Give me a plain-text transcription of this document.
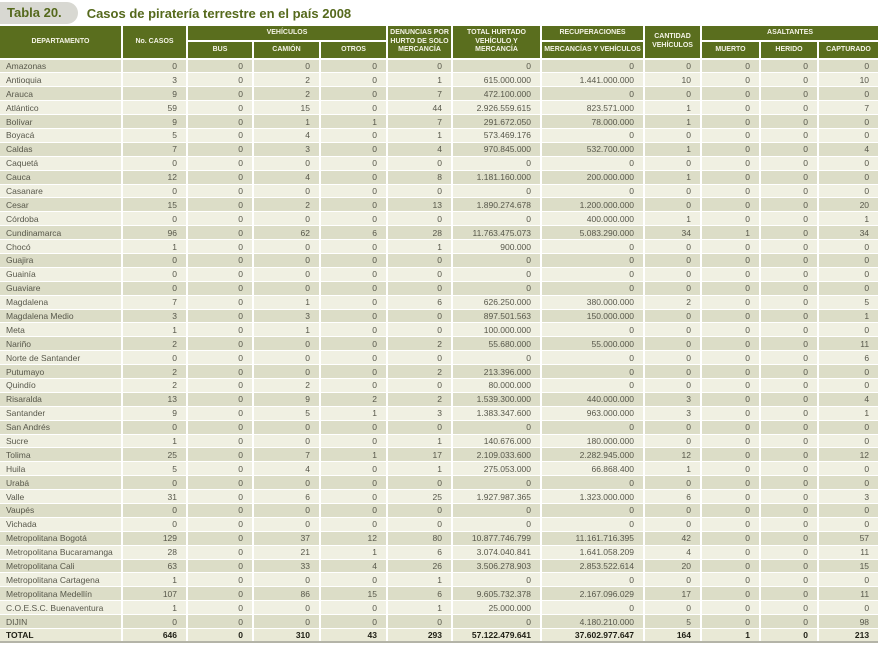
Tabla 20.	Casos de piratería terrestre en el país 2008
DEPARTAMENTO	No. CASOS	VEHÍCULOS			DENUNCIAS POR HURTO DE SOLO MERCANCÍA	TOTAL HURTADO VEHÍCULO Y MERCANCÍA	RECUPERACIONES	CANTIDAD VEHÍCULOS	ASALTANTES		
		BUS	CAMIÓN	OTROS			MERCANCÍAS Y VEHÍCULOS		MUERTO	HERIDO	CAPTURADO
Amazonas	0	0	0	0	0	0	0	0	0	0	0
Antioquia	3	0	2	0	1	615.000.000	1.441.000.000	10	0	0	10
Arauca	9	0	2	0	7	472.100.000	0	0	0	0	0
Atlántico	59	0	15	0	44	2.926.559.615	823.571.000	1	0	0	7
Bolívar	9	0	1	1	7	291.672.050	78.000.000	1	0	0	0
Boyacá	5	0	4	0	1	573.469.176	0	0	0	0	0
Caldas	7	0	3	0	4	970.845.000	532.700.000	1	0	0	4
Caquetá	0	0	0	0	0	0	0	0	0	0	0
Cauca	12	0	4	0	8	1.181.160.000	200.000.000	1	0	0	0
Casanare	0	0	0	0	0	0	0	0	0	0	0
Cesar	15	0	2	0	13	1.890.274.678	1.200.000.000	0	0	0	20
Córdoba	0	0	0	0	0	0	400.000.000	1	0	0	1
Cundinamarca	96	0	62	6	28	11.763.475.073	5.083.290.000	34	1	0	34
Chocó	1	0	0	0	1	900.000	0	0	0	0	0
Guajira	0	0	0	0	0	0	0	0	0	0	0
Guainía	0	0	0	0	0	0	0	0	0	0	0
Guaviare	0	0	0	0	0	0	0	0	0	0	0
Magdalena	7	0	1	0	6	626.250.000	380.000.000	2	0	0	5
Magdalena Medio	3	0	3	0	0	897.501.563	150.000.000	0	0	0	1
Meta	1	0	1	0	0	100.000.000	0	0	0	0	0
Nariño	2	0	0	0	2	55.680.000	55.000.000	0	0	0	11
Norte de Santander	0	0	0	0	0	0	0	0	0	0	6
Putumayo	2	0	0	0	2	213.396.000	0	0	0	0	0
Quindío	2	0	2	0	0	80.000.000	0	0	0	0	0
Risaralda	13	0	9	2	2	1.539.300.000	440.000.000	3	0	0	4
Santander	9	0	5	1	3	1.383.347.600	963.000.000	3	0	0	1
San Andrés	0	0	0	0	0	0	0	0	0	0	0
Sucre	1	0	0	0	1	140.676.000	180.000.000	0	0	0	0
Tolima	25	0	7	1	17	2.109.033.600	2.282.945.000	12	0	0	12
Huila	5	0	4	0	1	275.053.000	66.868.400	1	0	0	0
Urabá	0	0	0	0	0	0	0	0	0	0	0
Valle	31	0	6	0	25	1.927.987.365	1.323.000.000	6	0	0	3
Vaupés	0	0	0	0	0	0	0	0	0	0	0
Vichada	0	0	0	0	0	0	0	0	0	0	0
Metropolitana Bogotá	129	0	37	12	80	10.877.746.799	11.161.716.395	42	0	0	57
Metropolitana Bucaramanga	28	0	21	1	6	3.074.040.841	1.641.058.209	4	0	0	11
Metropolitana Cali	63	0	33	4	26	3.506.278.903	2.853.522.614	20	0	0	15
Metropolitana Cartagena	1	0	0	0	1	0	0	0	0	0	0
Metropolitana Medellín	107	0	86	15	6	9.605.732.378	2.167.096.029	17	0	0	11
C.O.E.S.C. Buenaventura	1	0	0	0	1	25.000.000	0	0	0	0	0
DIJIN	0	0	0	0	0	0	4.180.210.000	5	0	0	98
TOTAL	646	0	310	43	293	57.122.479.641	37.602.977.647	164	1	0	213
